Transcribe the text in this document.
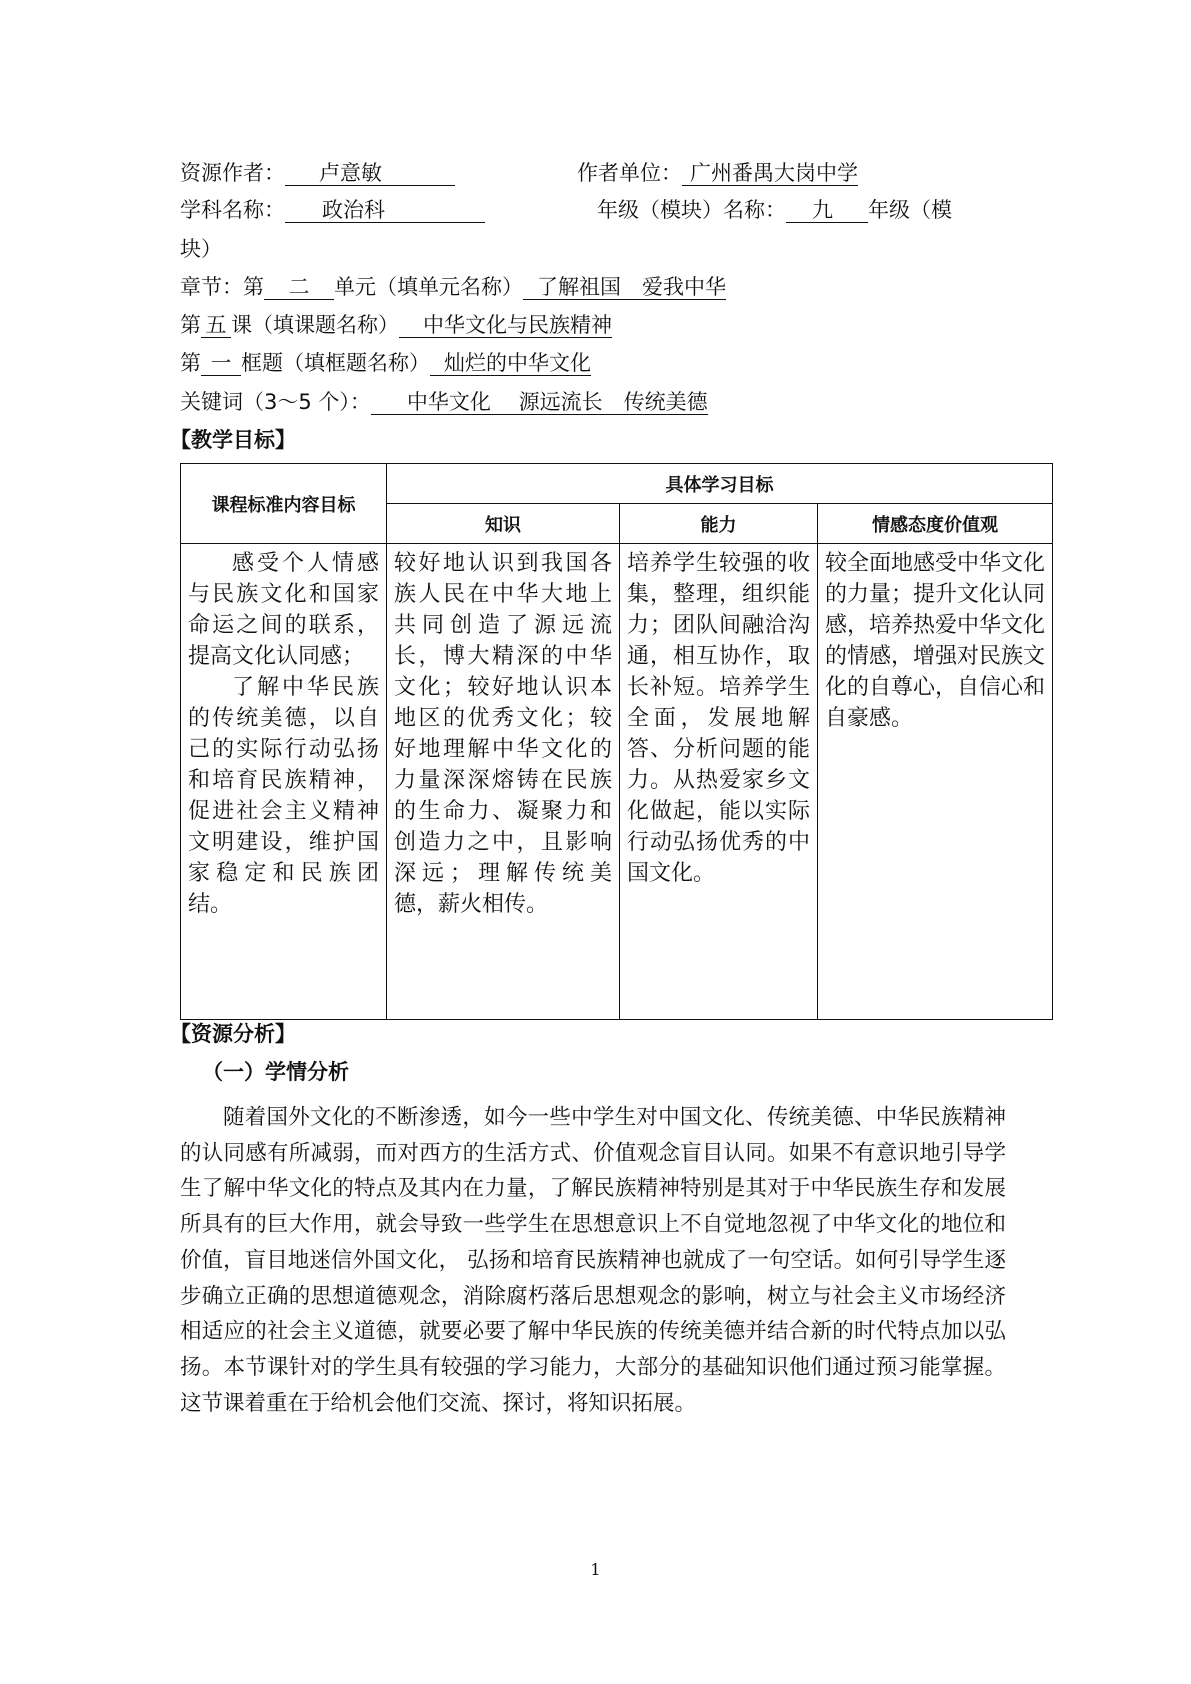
资源作者： 卢意敏	作者单位： 广州番禺大岗中学
学科名称： 政治科	年级（模块）名称： 九 年级（模
块）
章节：第 二 单元（填单元名称） 了解祖国　爱我中华
第 五 课（填课题名称） 中华文化与民族精神
第 一 框题（填框题名称） 灿烂的中华文化
关键词（3～5 个）： 中华文化　 源远流长　传统美德
【教学目标】
课程标准内容目标	具体学习目标		
	知识	能力	情感态度价值观

感受个人情感与民族文化和国家命运之间的联系，提高文化认同感；

了解中华民族的传统美德，以自己的实际行动弘扬和培育民族精神，促进社会主义精神文明建设，维护国家稳定和民族团结。	较好地认识到我国各族人民在中华大地上共同创造了源远流长，博大精深的中华文化；较好地认识本地区的优秀文化；较好地理解中华文化的力量深深熔铸在民族的生命力、凝聚力和创造力之中，且影响深远；理解传统美德，薪火相传。	培养学生较强的收集，整理，组织能力；团队间融洽沟通，相互协作，取长补短。培养学生全面，发展地解答、分析问题的能力。从热爱家乡文化做起，能以实际行动弘扬优秀的中国文化。	较全面地感受中华文化的力量；提升文化认同感，培养热爱中华文化的情感，增强对民族文化的自尊心，自信心和自豪感。
【资源分析】
（一）学情分析

随着国外文化的不断渗透，如今一些中学生对中国文化、传统美德、中华民族精神的认同感有所减弱，而对西方的生活方式、价值观念盲目认同。如果不有意识地引导学生了解中华文化的特点及其内在力量，了解民族精神特别是其对于中华民族生存和发展所具有的巨大作用，就会导致一些学生在思想意识上不自觉地忽视了中华文化的地位和价值，盲目地迷信外国文化， 弘扬和培育民族精神也就成了一句空话。如何引导学生逐步确立正确的思想道德观念，消除腐朽落后思想观念的影响，树立与社会主义市场经济相适应的社会主义道德，就要必要了解中华民族的传统美德并结合新的时代特点加以弘扬。本节课针对的学生具有较强的学习能力，大部分的基础知识他们通过预习能掌握。这节课着重在于给机会他们交流、探讨，将知识拓展。

1
